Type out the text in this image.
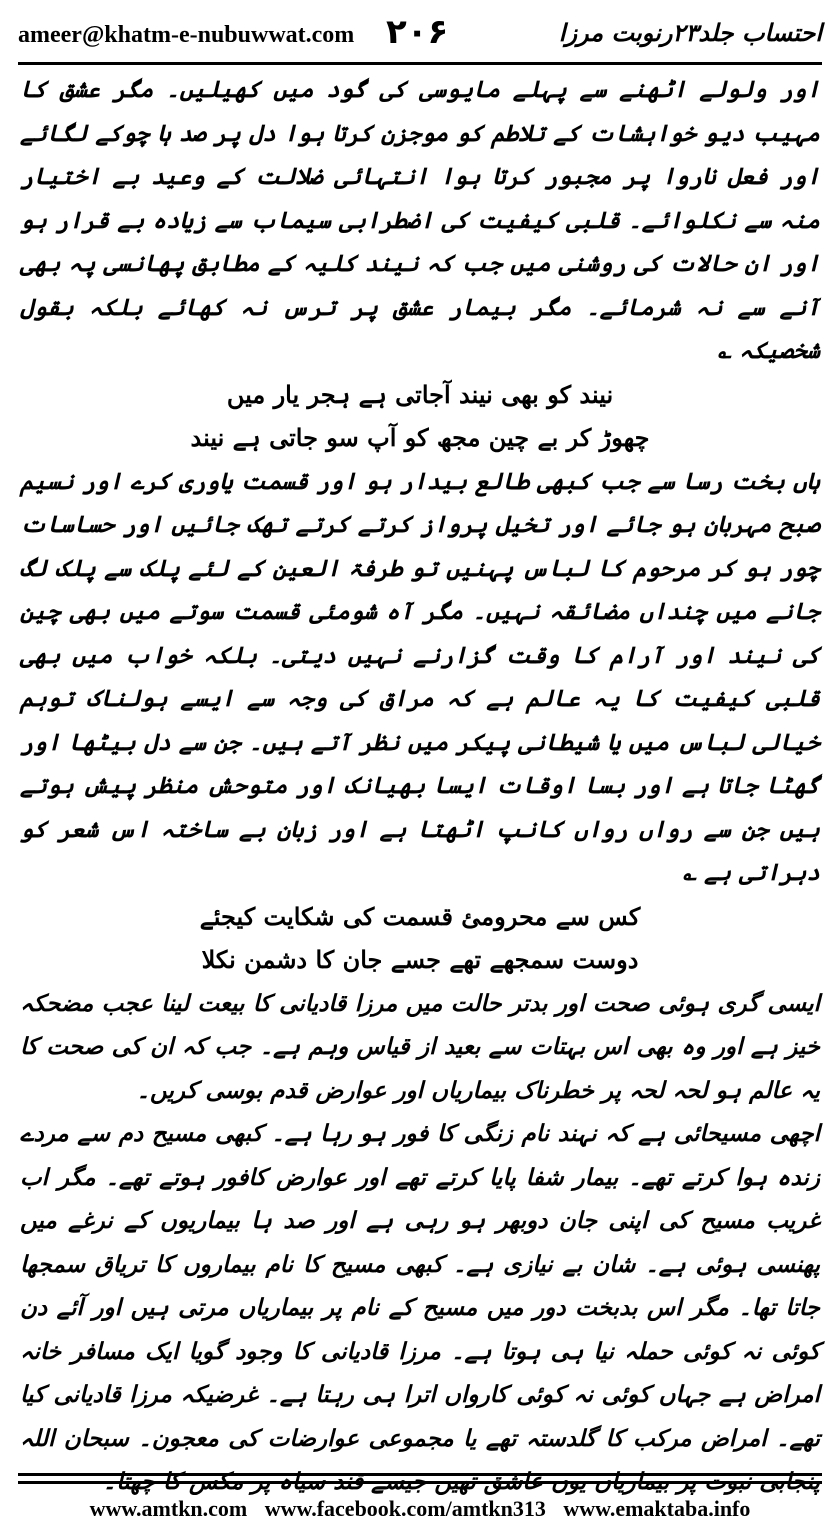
ameer@khatm-e-nubuwwat.com ۲۰۶	احتساب جلد۲۳رنوبت مرزا

اور ولولے اٹھنے سے پہلے مایوسی کی گود میں کھیلیں۔ مگر عشق کا مہیب دیو خواہشات کے تلاطم کو موجزن کرتا ہوا دل پر صد ہا چوکے لگائے اور فعل ناروا پر مجبور کرتا ہوا انتہائی ضلالت کے وعید بے اختیار منہ سے نکلوائے۔ قلبی کیفیت کی اضطرابی سیماب سے زیادہ بے قرار ہو اور ان حالات کی روشنی میں جب کہ نیند کلیہ کے مطابق پھانسی پہ بھی آنے سے نہ شرمائے۔ مگر بیمار عشق پر ترس نہ کھائے بلکہ بقول شخصیکہ ؎

نیند کو بھی نیند آجاتی ہے ہجر یار میں

چھوڑ کر بے چین مجھ کو آپ سو جاتی ہے نیند

ہاں بخت رسا سے جب کبھی طالع بیدار ہو اور قسمت یاوری کرے اور نسیم صبح مہربان ہو جائے اور تخیل پرواز کرتے کرتے تھک جائیں اور حساسات چور ہو کر مرحوم کا لباس پہنیں تو طرفۃ العین کے لئے پلک سے پلک لگ جانے میں چنداں مضائقہ نہیں۔ مگر آہ شومئی قسمت سوتے میں بھی چین کی نیند اور آرام کا وقت گزارنے نہیں دیتی۔ بلکہ خواب میں بھی قلبی کیفیت کا یہ عالم ہے کہ مراق کی وجہ سے ایسے ہولناک توہم خیالی لباس میں یا شیطانی پیکر میں نظر آتے ہیں۔ جن سے دل بیٹھا اور گھٹا جاتا ہے اور بسا اوقات ایسا بھیانک اور متوحش منظر پیش ہوتے ہیں جن سے رواں رواں کانپ اٹھتا ہے اور زبان بے ساختہ اس شعر کو دہراتی ہے ؎

کس سے محرومئ قسمت کی شکایت کیجئے

دوست سمجھے تھے جسے جان کا دشمن نکلا

ایسی گری ہوئی صحت اور بدتر حالت میں مرزا قادیانی کا بیعت لینا عجب مضحکہ خیز ہے اور وہ بھی اس بہتات سے بعید از قیاس وہم ہے۔ جب کہ ان کی صحت کا یہ عالم ہو لحہ لحہ پر خطرناک بیماریاں اور عوارض قدم بوسی کریں۔

اچھی مسیحائی ہے کہ نہند نام زنگی کا فور ہو رہا ہے۔ کبھی مسیح دم سے مردے زندہ ہوا کرتے تھے۔ بیمار شفا پایا کرتے تھے اور عوارض کافور ہوتے تھے۔ مگر اب غریب مسیح کی اپنی جان دوبھر ہو رہی ہے اور صد ہا بیماریوں کے نرغے میں پھنسی ہوئی ہے۔ شان بے نیازی ہے۔ کبھی مسیح کا نام بیماروں کا تریاق سمجھا جاتا تھا۔ مگر اس بدبخت دور میں مسیح کے نام پر بیماریاں مرتی ہیں اور آئے دن کوئی نہ کوئی حملہ نیا ہی ہوتا ہے۔ مرزا قادیانی کا وجود گویا ایک مسافر خانہ امراض ہے جہاں کوئی نہ کوئی کارواں اترا ہی رہتا ہے۔ غرضیکہ مرزا قادیانی کیا تھے۔ امراض مرکب کا گلدستہ تھے یا مجموعی عوارضات کی معجون۔ سبحان اللہ پنجابی نبوت پر بیماریاں یوں عاشق تھیں جیسے قند سیاہ پر مکس کا چھتا۔

www.amtkn.com www.facebook.com/amtkn313 www.emaktaba.info
